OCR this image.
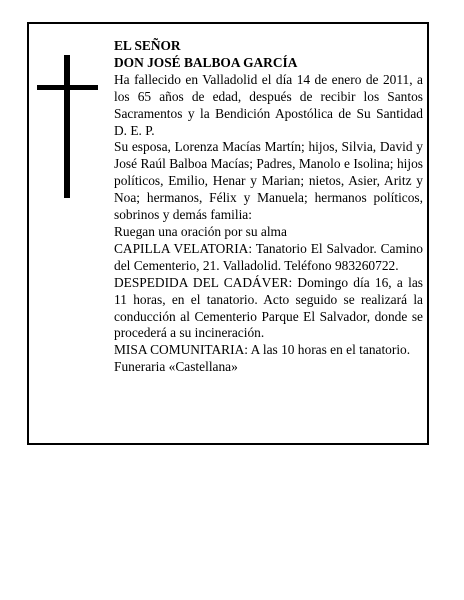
EL SEÑOR

DON JOSÉ BALBOA GARCÍA

Ha fallecido en Valladolid el día 14 de enero de 2011, a los 65 años de edad, después de recibir los Santos Sacramentos y la Bendición Apostólica de Su Santidad D. E. P.

Su esposa, Lorenza Macías Martín; hijos, Silvia, David y José Raúl Balboa Macías; Padres, Manolo e Isolina; hijos políticos, Emilio, Henar y Marian; nietos, Asier, Aritz y Noa; hermanos, Félix y Manuela; hermanos políticos, sobrinos y demás familia:

Ruegan una oración por su alma

CAPILLA VELATORIA: Tanatorio El Salvador. Camino del Cementerio, 21. Valladolid. Teléfono 983260722.

DESPEDIDA DEL CADÁVER: Domingo día 16, a las 11 horas, en el tanatorio. Acto seguido se realizará la conducción al Cementerio Parque El Salvador, donde se procederá a su incineración.

MISA COMUNITARIA: A las 10 horas en el tanatorio.

Funeraria «Castellana»
